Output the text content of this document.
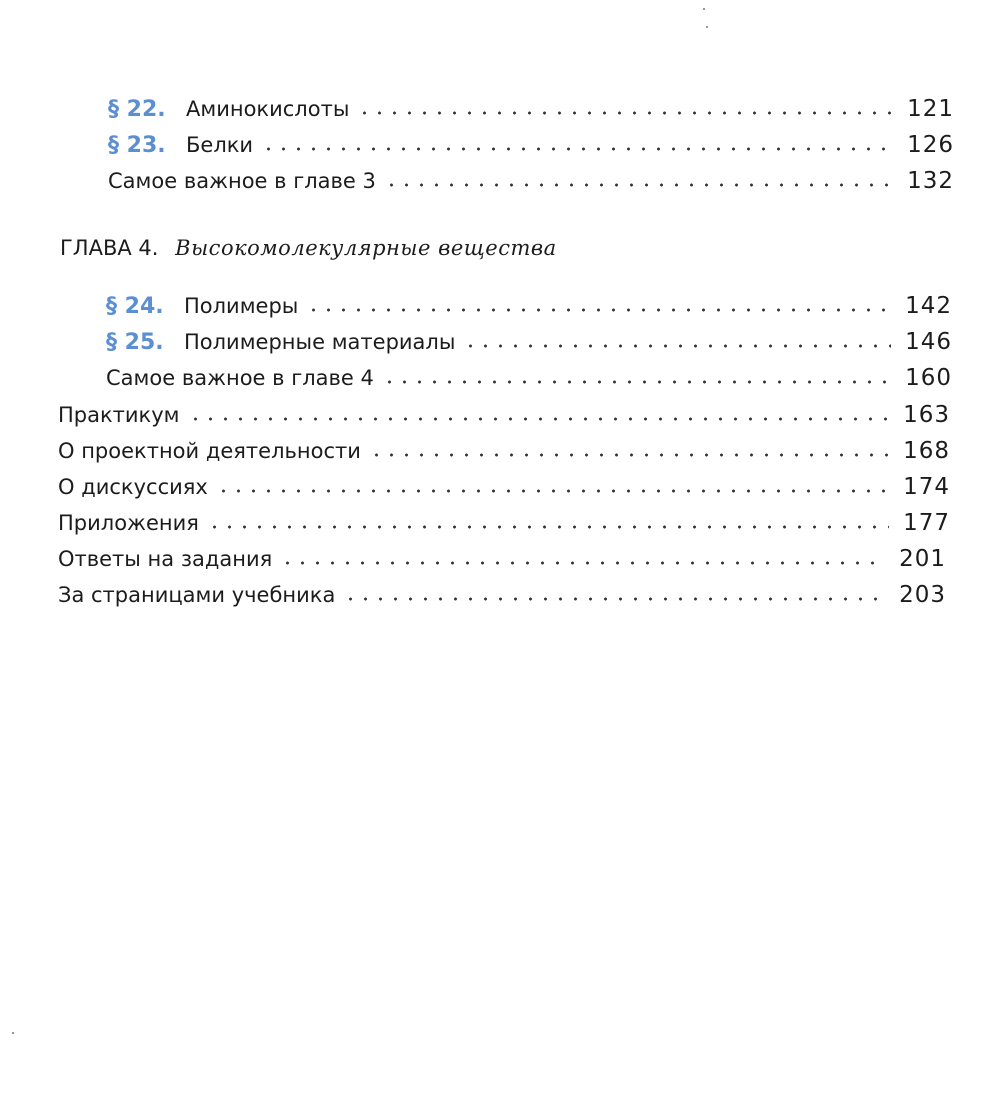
§ 22. Аминокислоты	121
§ 23. Белки	126
Самое важное в главе 3	132
ГЛАВА 4. Высокомолекулярные вещества
§ 24. Полимеры	142
§ 25. Полимерные материалы	146
Самое важное в главе 4	160
Практикум	163
О проектной деятельности	168
О дискуссиях	174
Приложения	177
Ответы на задания	201
За страницами учебника	203
